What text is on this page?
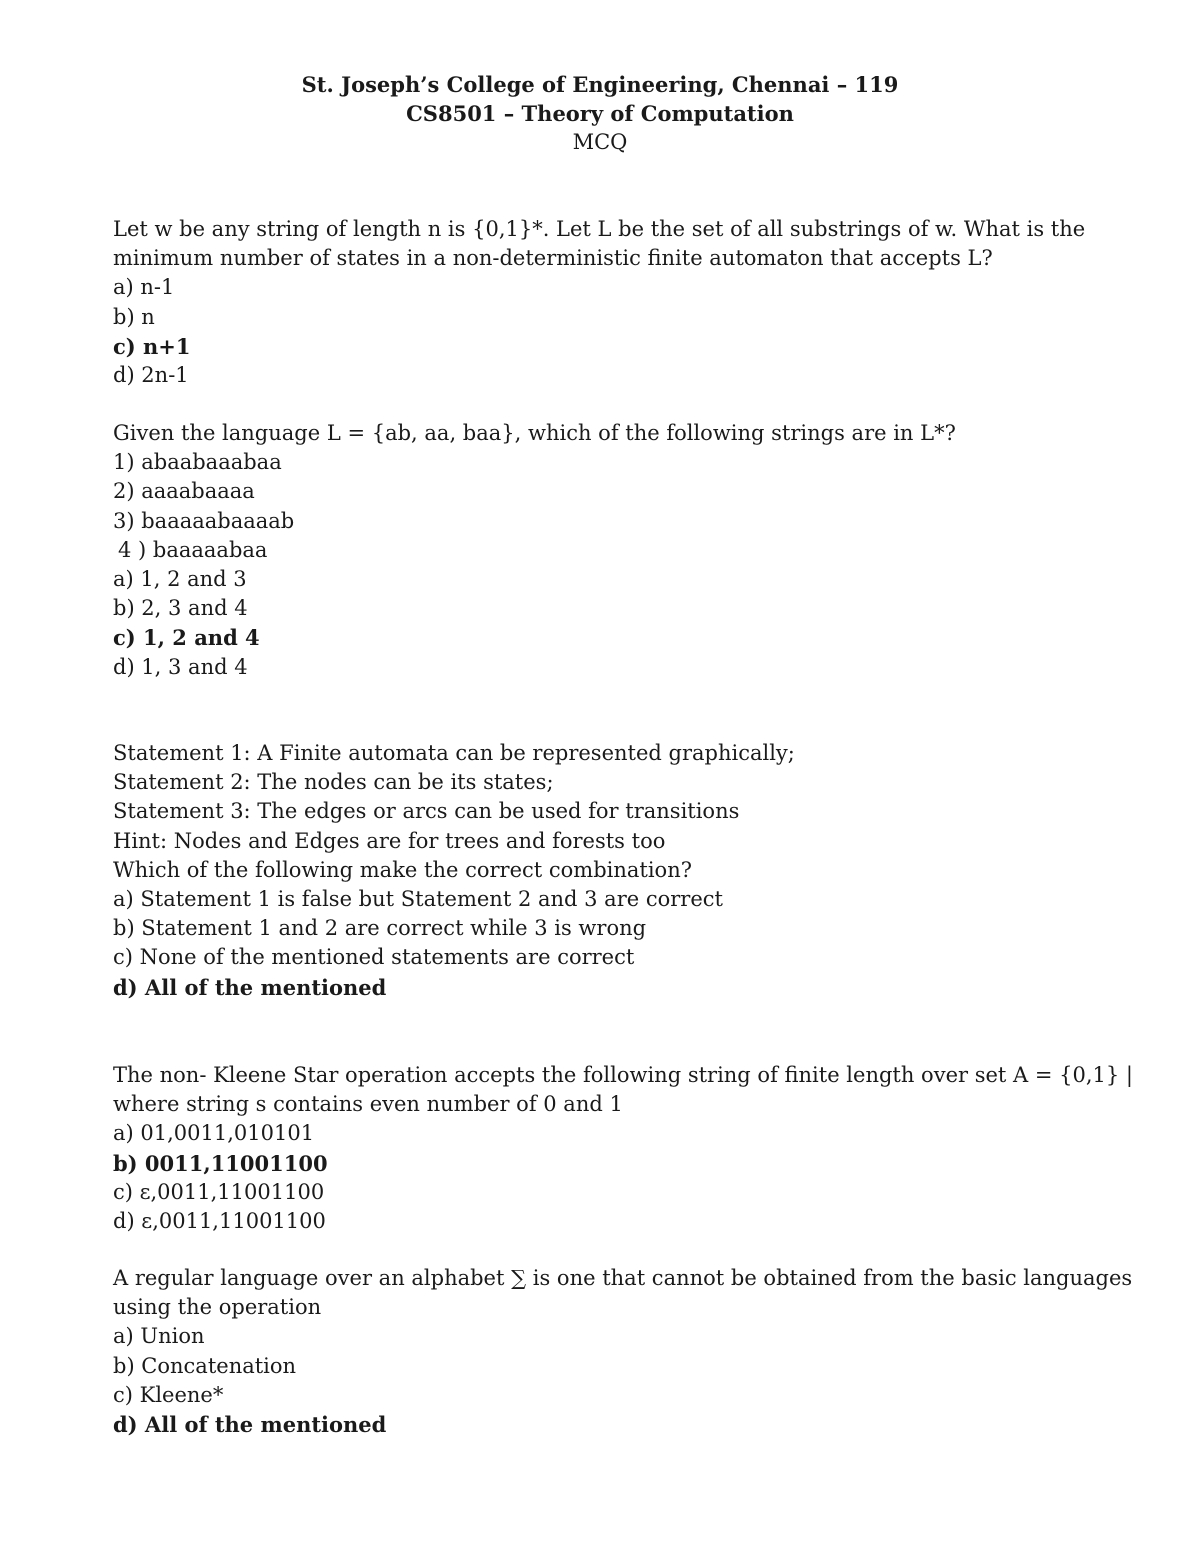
St. Joseph’s College of Engineering, Chennai – 119
CS8501 – Theory of Computation
MCQ
Let w be any string of length n is {0,1}*. Let L be the set of all substrings of w. What is the
minimum number of states in a non-deterministic finite automaton that accepts L?
a) n-1
b) n
c) n+1
d) 2n-1
Given the language L = {ab, aa, baa}, which of the following strings are in L*?
1) abaabaaabaa
2) aaaabaaaa
3) baaaaabaaaab
4 ) baaaaabaa
a) 1, 2 and 3
b) 2, 3 and 4
c) 1, 2 and 4
d) 1, 3 and 4
Statement 1: A Finite automata can be represented graphically;
Statement 2: The nodes can be its states;
Statement 3: The edges or arcs can be used for transitions
Hint: Nodes and Edges are for trees and forests too
Which of the following make the correct combination?
a) Statement 1 is false but Statement 2 and 3 are correct
b) Statement 1 and 2 are correct while 3 is wrong
c) None of the mentioned statements are correct
d) All of the mentioned
The non- Kleene Star operation accepts the following string of finite length over set A = {0,1} |
where string s contains even number of 0 and 1
a) 01,0011,010101
b) 0011,11001100
c) ε,0011,11001100
d) ε,0011,11001100
A regular language over an alphabet ∑ is one that cannot be obtained from the basic languages
using the operation
a) Union
b) Concatenation
c) Kleene*
d) All of the mentioned
